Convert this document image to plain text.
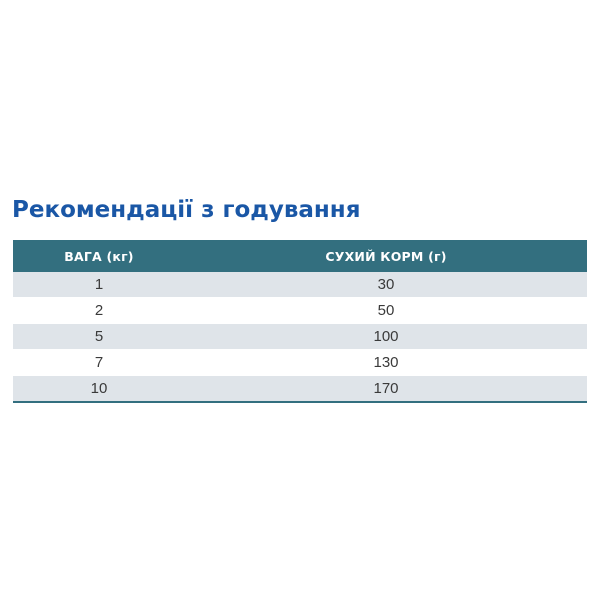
Рекомендації з годування
ВАГА (кг)	СУХИЙ КОРМ (г)
1	30
2	50
5	100
7	130
10	170
